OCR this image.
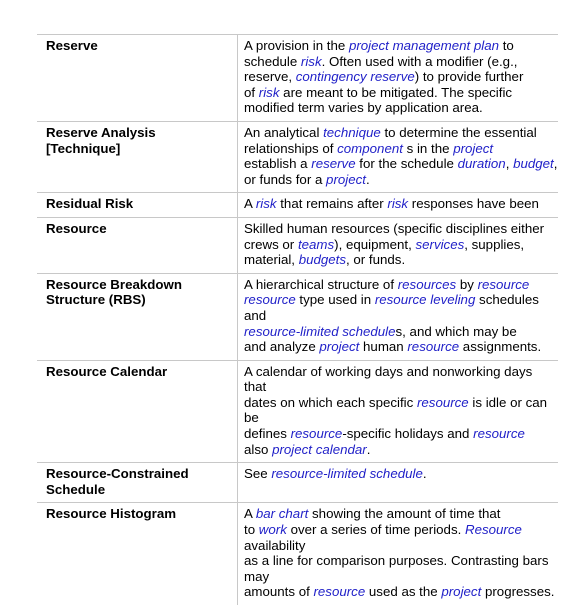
Reserve	A provision in the project management plan to
schedule risk. Often used with a modifier (e.g.,
reserve, contingency reserve) to provide further
of risk are meant to be mitigated. The specific
modified term varies by application area.
Reserve Analysis
[Technique]	An analytical technique to determine the essential
relationships of component s in the project
establish a reserve for the schedule duration, budget,
or funds for a project.
Residual Risk	A risk that remains after risk responses have been
Resource	Skilled human resources (specific disciplines either
crews or teams), equipment, services, supplies,
material, budgets, or funds.
Resource Breakdown
Structure (RBS)	A hierarchical structure of resources by resource
resource type used in resource leveling schedules and
resource-limited schedules, and which may be
and analyze project human resource assignments.
Resource Calendar	A calendar of working days and nonworking days that
dates on which each specific resource is idle or can be
defines resource-specific holidays and resource
also project calendar.
Resource-Constrained
Schedule	See resource-limited schedule.
Resource Histogram	A bar chart showing the amount of time that
to work over a series of time periods. Resource availability
as a line for comparison purposes. Contrasting bars may
amounts of resource used as the project progresses.
